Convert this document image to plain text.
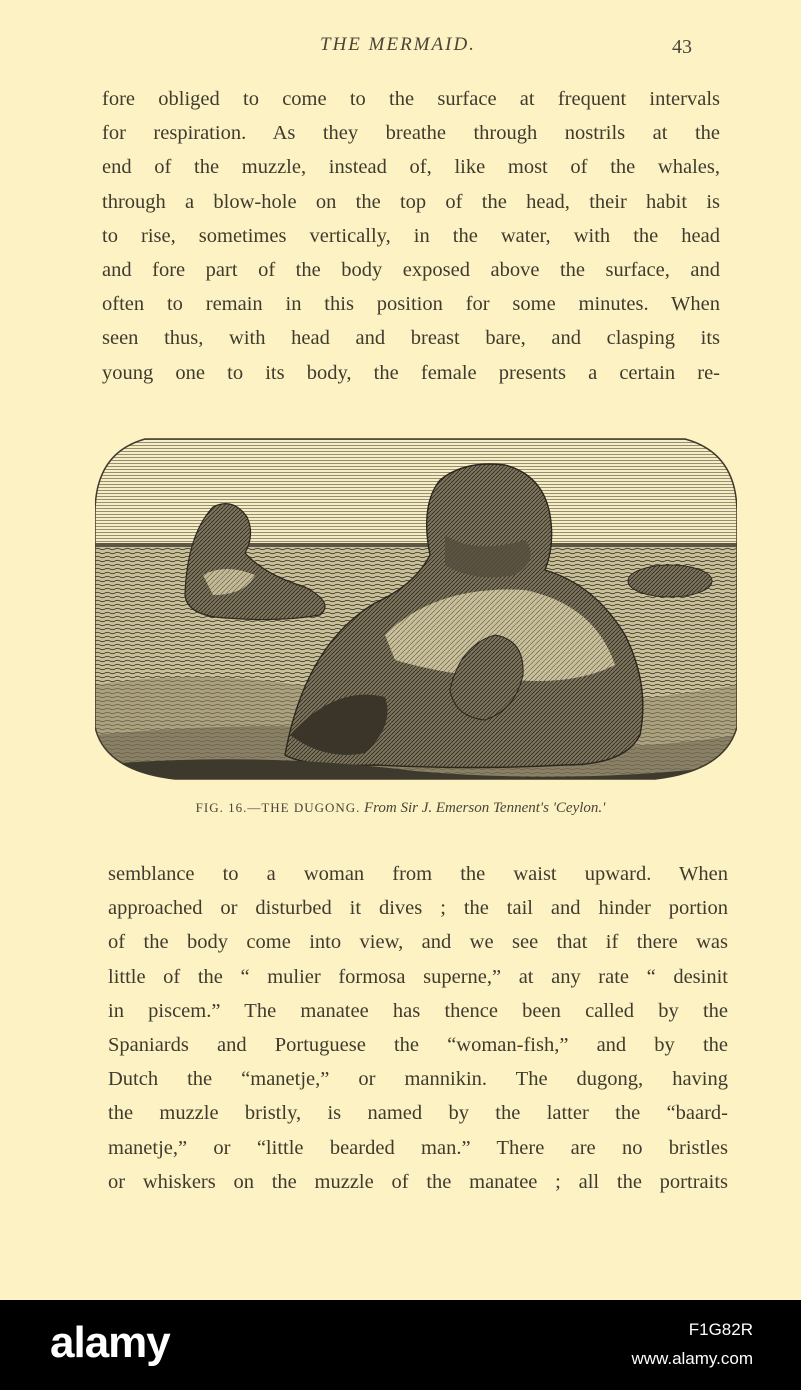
THE MERMAID.	43
fore obliged to come to the surface at frequent intervals
for respiration. As they breathe through nostrils at the
end of the muzzle, instead of, like most of the whales,
through a blow-hole on the top of the head, their habit is
to rise, sometimes vertically, in the water, with the head
and fore part of the body exposed above the surface, and
often to remain in this position for some minutes. When
seen thus, with head and breast bare, and clasping its
young one to its body, the female presents a certain re-
FIG. 16.—THE DUGONG. From Sir J. Emerson Tennent's 'Ceylon.'
semblance to a woman from the waist upward. When
approached or disturbed it dives ; the tail and hinder portion
of the body come into view, and we see that if there was
little of the “ mulier formosa superne,” at any rate “ desinit
in piscem.” The manatee has thence been called by the
Spaniards and Portuguese the “woman-fish,” and by the
Dutch the “manetje,” or mannikin. The dugong, having
the muzzle bristly, is named by the latter the “baard-
manetje,” or “little bearded man.” There are no bristles
or whiskers on the muzzle of the manatee ; all the portraits
alamy	F1G82R
www.alamy.com
